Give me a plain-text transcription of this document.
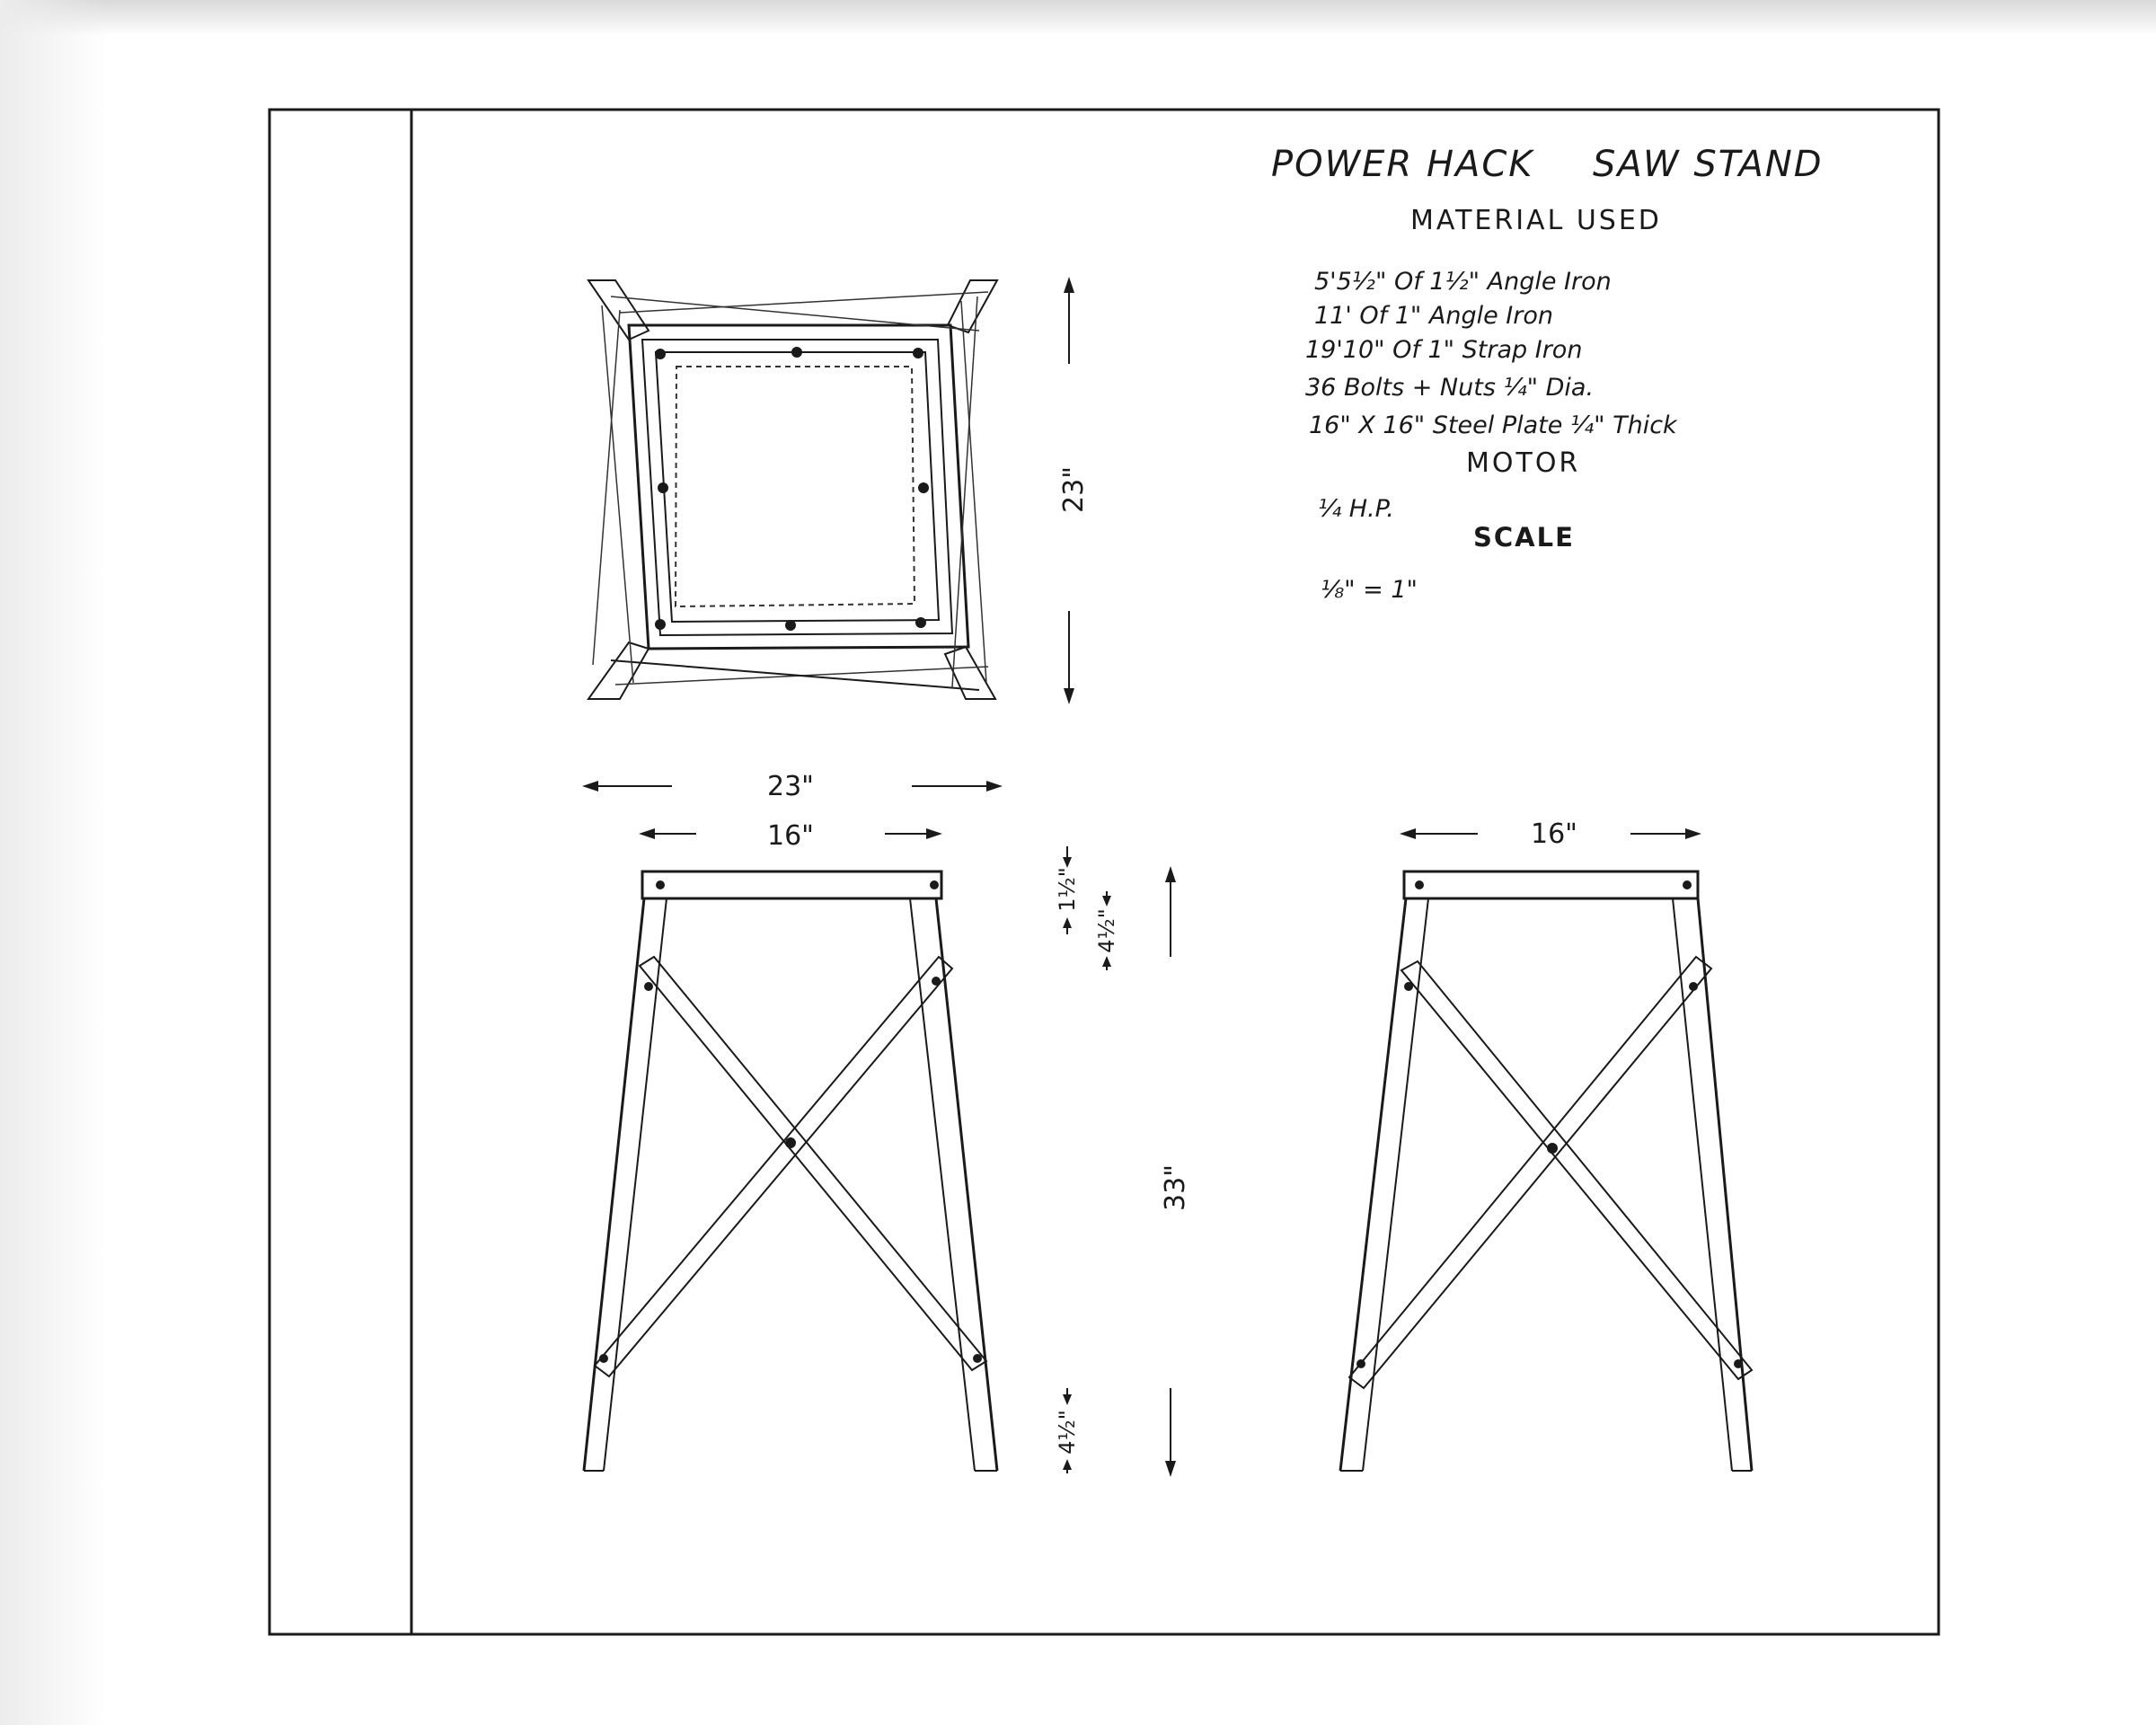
POWER HACK SAW STAND
MATERIAL USED
5'5½" Of 1½" Angle Iron
11' Of 1" Angle Iron
19'10" Of 1" Strap Iron
36 Bolts + Nuts ¼" Dia.
16" X 16" Steel Plate ¼" Thick
MOTOR
¼ H.P.
SCALE
⅛" = 1"
23"
23"
16"
1½"
4½"
33"
4½"
16"
